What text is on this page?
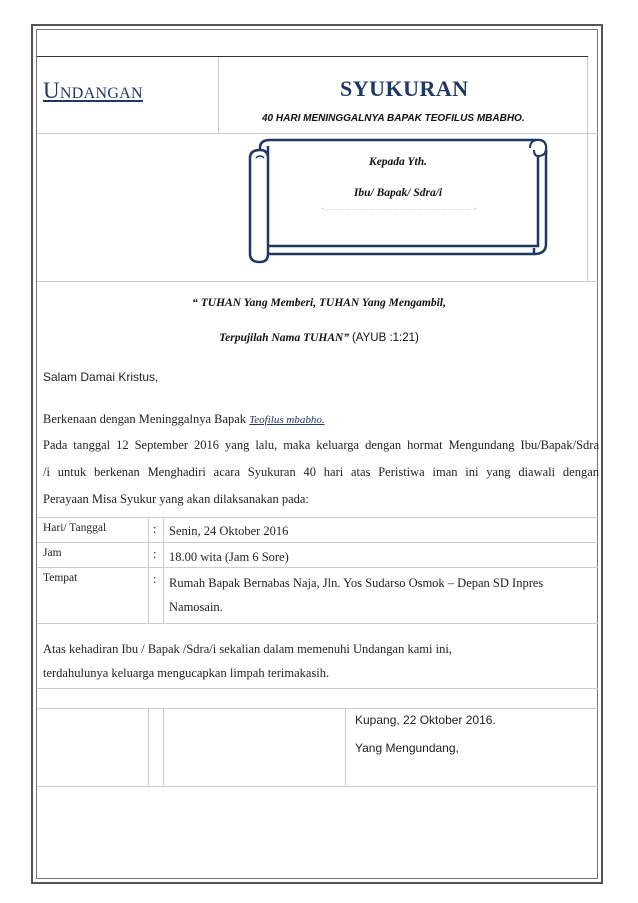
Undangan	SYUKURAN
40 HARI MENINGGALNYA BAPAK TEOFILUS MBABHO.
Kepada Yth.
Ibu/ Bapak/ Sdra/i
<.............................................................................................................................>
“ TUHAN Yang Memberi, TUHAN Yang Mengambil,
Terpujilah Nama TUHAN” (AYUB :1:21)
Salam Damai Kristus,
Berkenaan dengan Meninggalnya Bapak Teofilus mbabho.
Pada tanggal 12 September 2016 yang lalu, maka keluarga dengan hormat Mengundang Ibu/Bapak/Sdra
/i untuk berkenan Menghadiri acara Syukuran 40 hari atas Peristiwa iman ini yang diawali dengan
Perayaan Misa Syukur yang akan dilaksanakan pada:
Hari/ Tanggal	: Senin, 24 Oktober 2016
Jam	: 18.00 wita (Jam 6 Sore)
Tempat	: Rumah Bapak Bernabas Naja, Jln. Yos Sudarso Osmok – Depan SD Inpres
Namosain.
Atas kehadiran Ibu / Bapak /Sdra/i sekalian dalam memenuhi Undangan kami ini,
terdahulunya keluarga mengucapkan limpah terimakasih.
Kupang, 22 Oktober 2016.
Yang Mengundang,
